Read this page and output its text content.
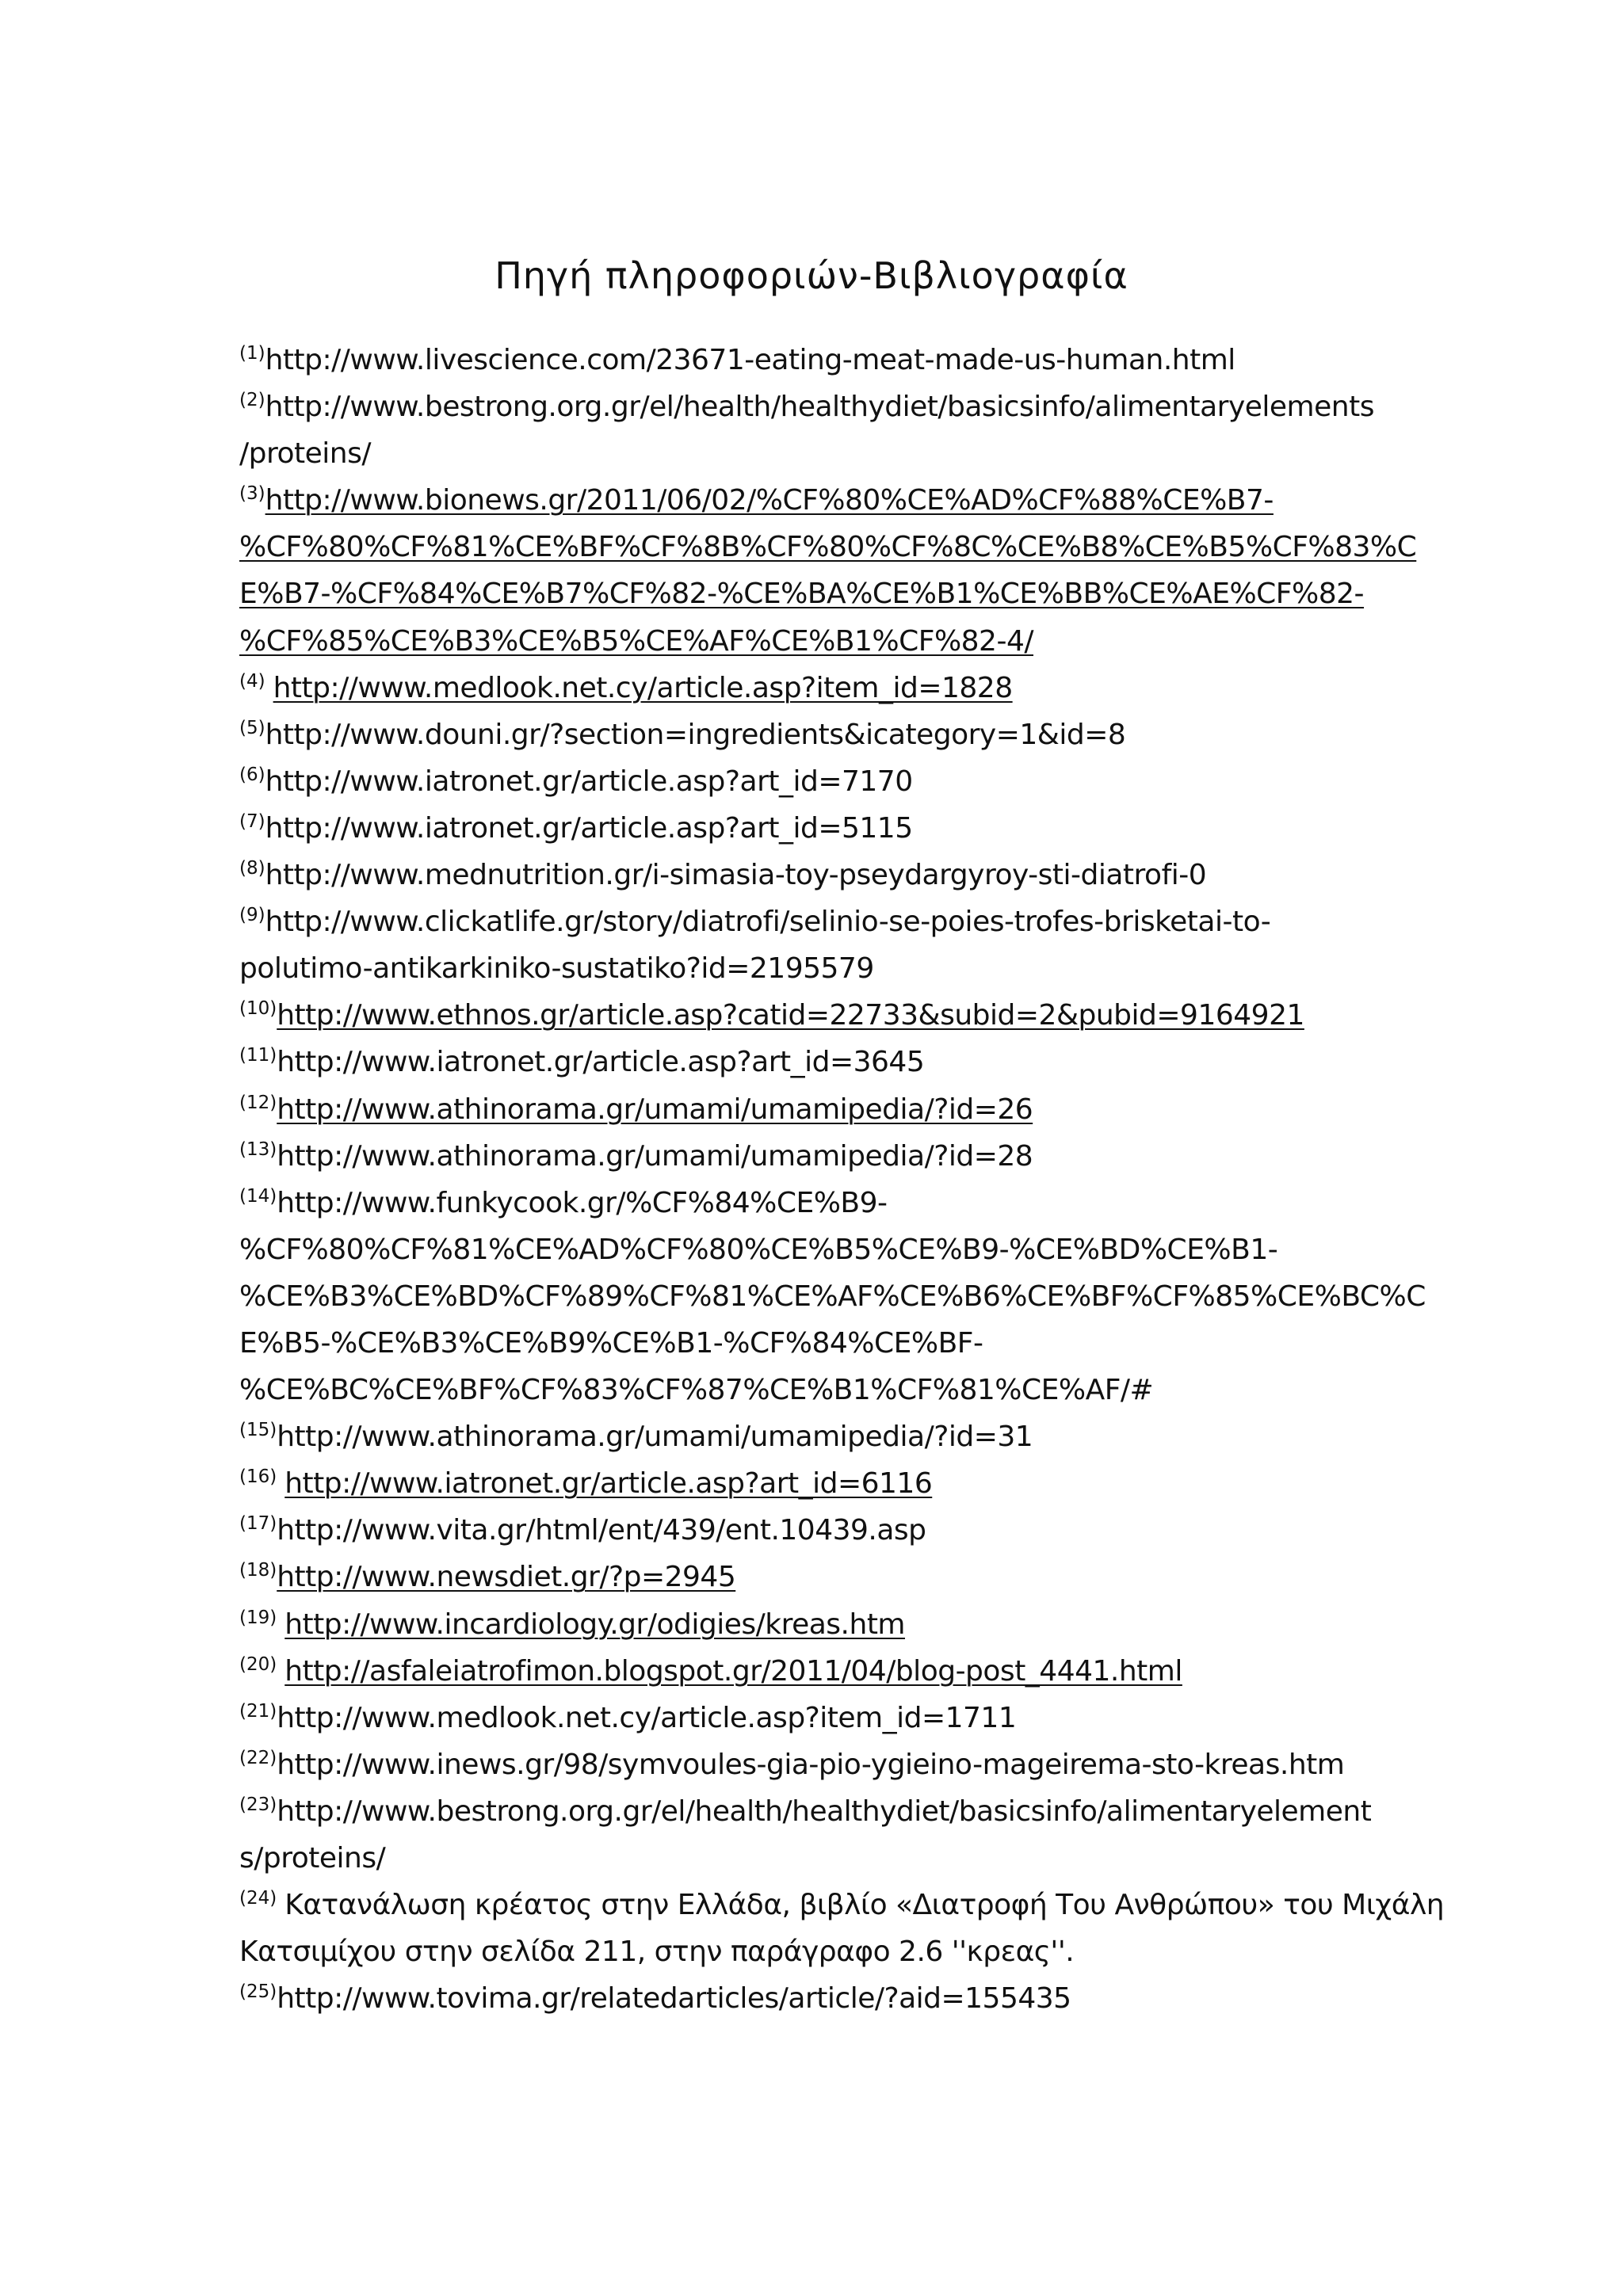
Πηγή πληροφοριών-Βιβλιογραφία
$^{(1)}$http://www.livescience.com/23671-eating-meat-made-us-human.html
$^{(2)}$http://www.bestrong.org.gr/el/health/healthydiet/basicsinfo/alimentaryelements
/proteins/
$^{(3)}$http://www.bionews.gr/2011/06/02/%CF%80%CE%AD%CF%88%CE%B7-
%CF%80%CF%81%CE%BF%CF%8B%CF%80%CF%8C%CE%B8%CE%B5%CF%83%C
E%B7-%CF%84%CE%B7%CF%82-%CE%BA%CE%B1%CE%BB%CE%AE%CF%82-
%CF%85%CE%B3%CE%B5%CE%AF%CE%B1%CF%82-4/
$^{(4)}$ http://www.medlook.net.cy/article.asp?item_id=1828
$^{(5)}$http://www.douni.gr/?section=ingredients&icategory=1&id=8
$^{(6)}$http://www.iatronet.gr/article.asp?art_id=7170
$^{(7)}$http://www.iatronet.gr/article.asp?art_id=5115
$^{(8)}$http://www.mednutrition.gr/i-simasia-toy-pseydargyroy-sti-diatrofi-0
$^{(9)}$http://www.clickatlife.gr/story/diatrofi/selinio-se-poies-trofes-brisketai-to-
polutimo-antikarkiniko-sustatiko?id=2195579
$^{(10)}$http://www.ethnos.gr/article.asp?catid=22733&subid=2&pubid=9164921
$^{(11)}$http://www.iatronet.gr/article.asp?art_id=3645
$^{(12)}$http://www.athinorama.gr/umami/umamipedia/?id=26
$^{(13)}$http://www.athinorama.gr/umami/umamipedia/?id=28
$^{(14)}$http://www.funkycook.gr/%CF%84%CE%B9-
%CF%80%CF%81%CE%AD%CF%80%CE%B5%CE%B9-%CE%BD%CE%B1-
%CE%B3%CE%BD%CF%89%CF%81%CE%AF%CE%B6%CE%BF%CF%85%CE%BC%C
E%B5-%CE%B3%CE%B9%CE%B1-%CF%84%CE%BF-
%CE%BC%CE%BF%CF%83%CF%87%CE%B1%CF%81%CE%AF/#
$^{(15)}$http://www.athinorama.gr/umami/umamipedia/?id=31
$^{(16)}$ http://www.iatronet.gr/article.asp?art_id=6116
$^{(17)}$http://www.vita.gr/html/ent/439/ent.10439.asp
$^{(18)}$http://www.newsdiet.gr/?p=2945
$^{(19)}$ http://www.incardiology.gr/odigies/kreas.htm
$^{(20)}$ http://asfaleiatrofimon.blogspot.gr/2011/04/blog-post_4441.html
$^{(21)}$http://www.medlook.net.cy/article.asp?item_id=1711
$^{(22)}$http://www.inews.gr/98/symvoules-gia-pio-ygieino-mageirema-sto-kreas.htm
$^{(23)}$http://www.bestrong.org.gr/el/health/healthydiet/basicsinfo/alimentaryelement
s/proteins/
$^{(24)}$ Κατανάλωση κρέατος στην Ελλάδα, βιβλίο «Διατροφή Του Ανθρώπου» του Μιχάλη
Κατσιμίχου στην σελίδα 211, στην παράγραφο 2.6 ''κρεας''.
$^{(25)}$http://www.tovima.gr/relatedarticles/article/?aid=155435
